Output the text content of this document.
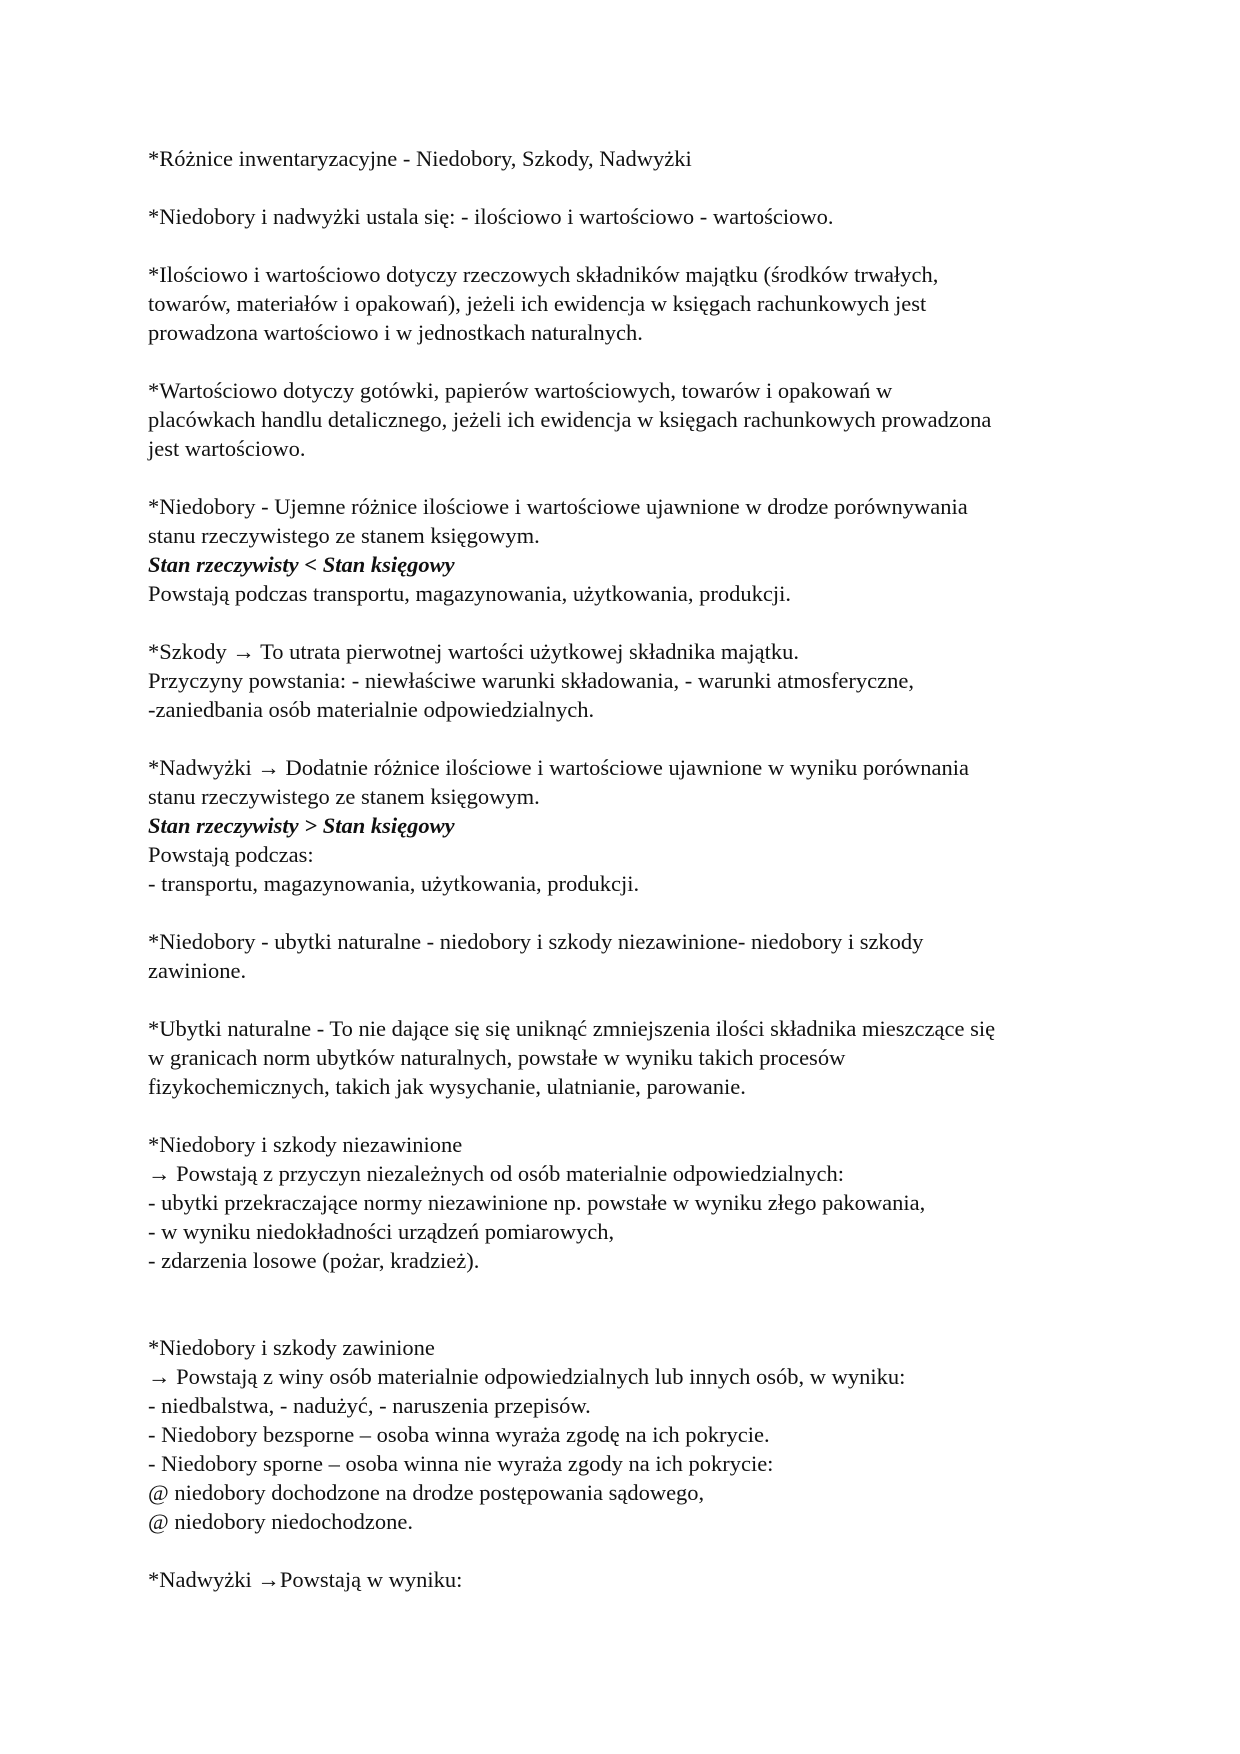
*Różnice inwentaryzacyjne - Niedobory, Szkody, Nadwyżki
*Niedobory i nadwyżki ustala się: - ilościowo i wartościowo - wartościowo.
*Ilościowo i wartościowo dotyczy rzeczowych składników majątku (środków trwałych,
towarów, materiałów i opakowań), jeżeli ich ewidencja w księgach rachunkowych jest
prowadzona wartościowo i w jednostkach naturalnych.
*Wartościowo dotyczy gotówki, papierów wartościowych, towarów i opakowań w
placówkach handlu detalicznego, jeżeli ich ewidencja w księgach rachunkowych prowadzona
jest wartościowo.
*Niedobory - Ujemne różnice ilościowe i wartościowe ujawnione w drodze porównywania
stanu rzeczywistego ze stanem księgowym.
Stan rzeczywisty < Stan księgowy
Powstają podczas transportu, magazynowania, użytkowania, produkcji.
*Szkody → To utrata pierwotnej wartości użytkowej składnika majątku.
Przyczyny powstania: - niewłaściwe warunki składowania, - warunki atmosferyczne,
-zaniedbania osób materialnie odpowiedzialnych.
*Nadwyżki → Dodatnie różnice ilościowe i wartościowe ujawnione w wyniku porównania
stanu rzeczywistego ze stanem księgowym.
Stan rzeczywisty > Stan księgowy
Powstają podczas:
- transportu, magazynowania, użytkowania, produkcji.
*Niedobory - ubytki naturalne - niedobory i szkody niezawinione- niedobory i szkody
zawinione.
*Ubytki naturalne - To nie dające się się uniknąć zmniejszenia ilości składnika mieszczące się
w granicach norm ubytków naturalnych, powstałe w wyniku takich procesów
fizykochemicznych, takich jak wysychanie, ulatnianie, parowanie.
*Niedobory i szkody niezawinione
→ Powstają z przyczyn niezależnych od osób materialnie odpowiedzialnych:
- ubytki przekraczające normy niezawinione np. powstałe w wyniku złego pakowania,
- w wyniku niedokładności urządzeń pomiarowych,
- zdarzenia losowe (pożar, kradzież).
*Niedobory i szkody zawinione
→ Powstają z winy osób materialnie odpowiedzialnych lub innych osób, w wyniku:
- niedbalstwa, - nadużyć, - naruszenia przepisów.
- Niedobory bezsporne – osoba winna wyraża zgodę na ich pokrycie.
- Niedobory sporne – osoba winna nie wyraża zgody na ich pokrycie:
@ niedobory dochodzone na drodze postępowania sądowego,
@ niedobory niedochodzone.
*Nadwyżki →Powstają w wyniku:
